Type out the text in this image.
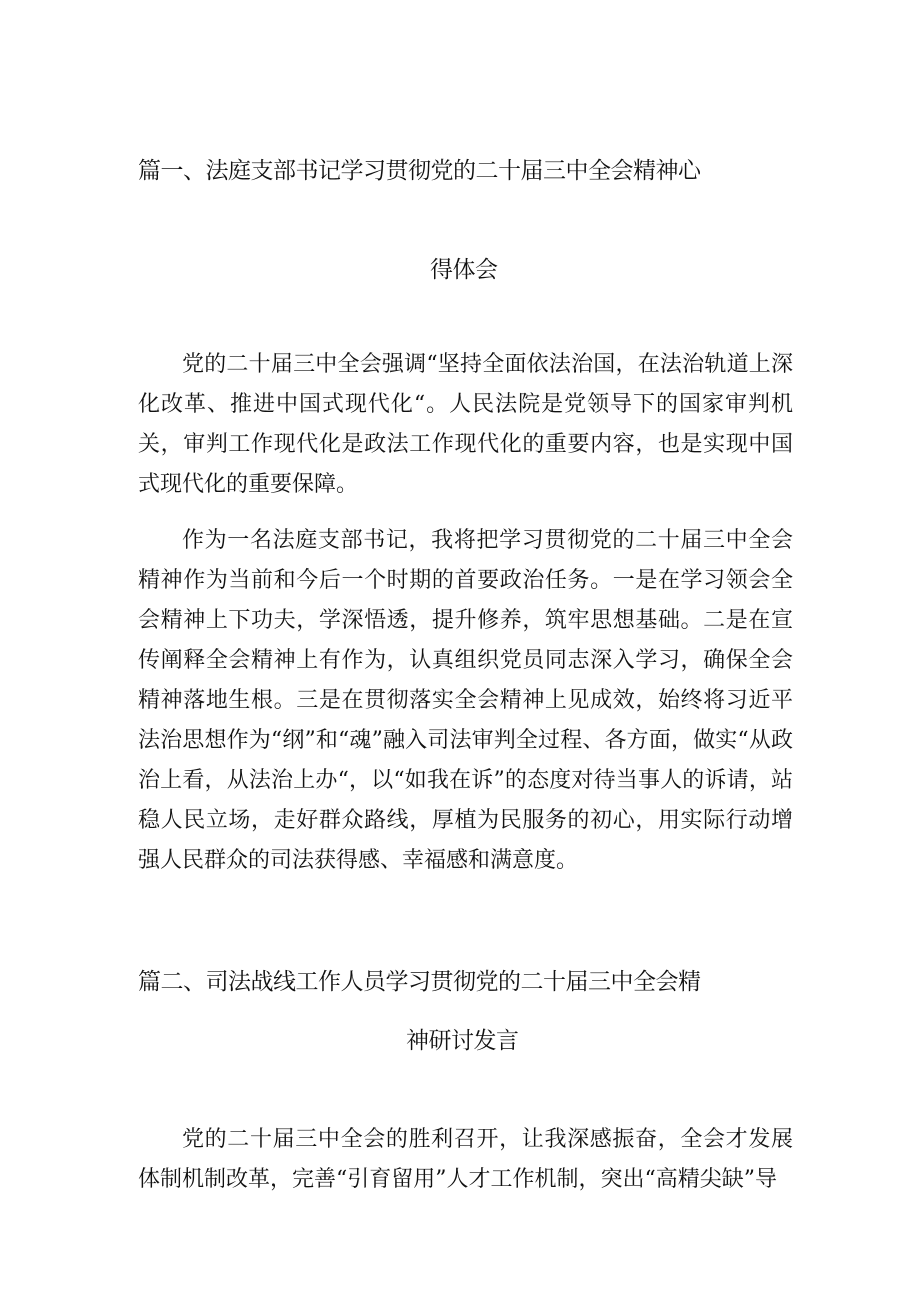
篇一、法庭支部书记学习贯彻党的二十届三中全会精神心
得体会

党的二十届三中全会强调“坚持全面依法治国，在法治轨道上深化改革、推进中国式现代化“。人民法院是党领导下的国家审判机关，审判工作现代化是政法工作现代化的重要内容，也是实现中国式现代化的重要保障。

作为一名法庭支部书记，我将把学习贯彻党的二十届三中全会精神作为当前和今后一个时期的首要政治任务。一是在学习领会全会精神上下功夫，学深悟透，提升修养，筑牢思想基础。二是在宣传阐释全会精神上有作为，认真组织党员同志深入学习，确保全会精神落地生根。三是在贯彻落实全会精神上见成效，始终将习近平法治思想作为“纲”和“魂”融入司法审判全过程、各方面，做实“从政治上看，从法治上办“，以“如我在诉”的态度对待当事人的诉请，站稳人民立场，走好群众路线，厚植为民服务的初心，用实际行动增强人民群众的司法获得感、幸福感和满意度。

篇二、司法战线工作人员学习贯彻党的二十届三中全会精
神研讨发言

党的二十届三中全会的胜利召开，让我深感振奋，全会才发展体制机制改革，完善“引育留用”人才工作机制，突出“高精尖缺”导
